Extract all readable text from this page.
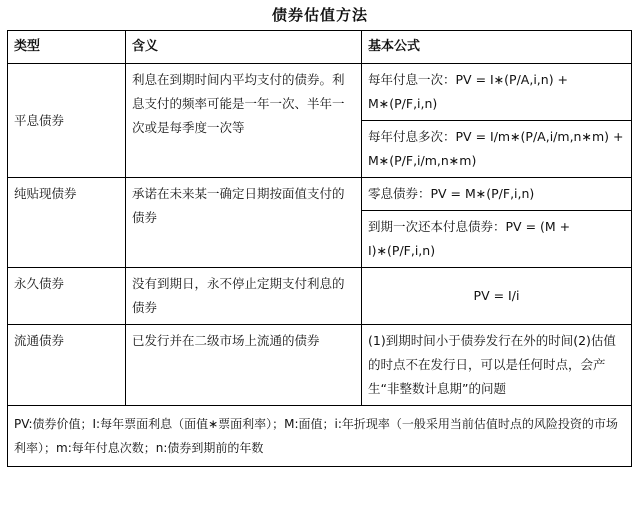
债券估值方法
类型	含义	基本公式
平息债券	利息在到期时间内平均支付的债券。利息支付的频率可能是一年一次、半年一次或是每季度一次等	每年付息一次：PV = I∗(P/A,i,n) + M∗(P/F,i,n)
		每年付息多次：PV = I/m∗(P/A,i/m,n∗m) + M∗(P/F,i/m,n∗m)
纯贴现债券	承诺在未来某一确定日期按面值支付的债券	零息债券：PV = M∗(P/F,i,n)
		到期一次还本付息债券：PV = (M + I)∗(P/F,i,n)
永久债券	没有到期日，永不停止定期支付利息的债券	PV = I/i
流通债券	已发行并在二级市场上流通的债券	(1)到期时间小于债券发行在外的时间(2)估值的时点不在发行日，可以是任何时点，会产生“非整数计息期”的问题
PV:债券价值；I:每年票面利息（面值∗票面利率）；M:面值；i:年折现率（一般采用当前估值时点的风险投资的市场利率）；m:每年付息次数；n:债券到期前的年数		
